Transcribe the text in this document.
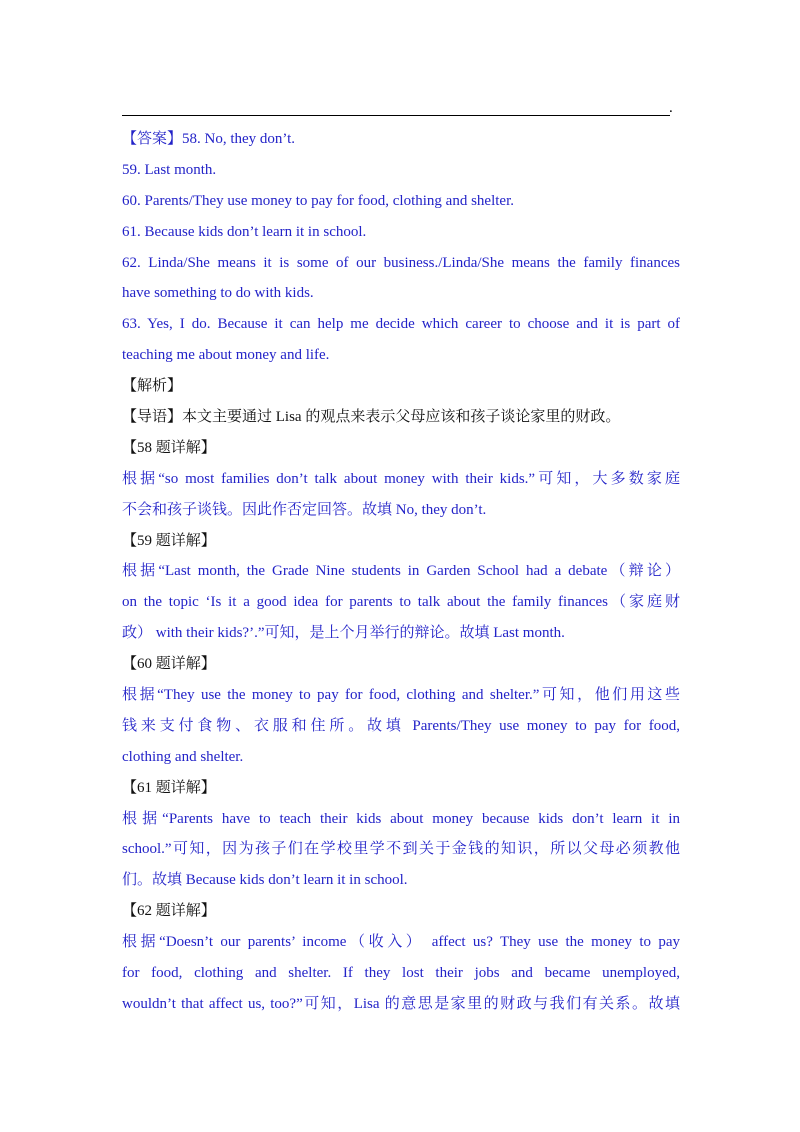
.
【答案】58. No, they don’t.
59. Last month.
60. Parents/They use money to pay for food, clothing and shelter.
61. Because kids don’t learn it in school.
62. Linda/She means it is some of our business./Linda/She means the family finances
have something to do with kids.
63. Yes, I do. Because it can help me decide which career to choose and it is part of
teaching me about money and life.
【解析】
【导语】本文主要通过 Lisa 的观点来表示父母应该和孩子谈论家里的财政。
【58 题详解】
根据“so most families don’t talk about money with their kids.”可知，大多数家庭
不会和孩子谈钱。因此作否定回答。故填 No, they don’t.
【59 题详解】
根据“Last month, the Grade Nine students in Garden School had a debate（辩论）
on the topic ‘Is it a good idea for parents to talk about the family finances（家庭财
政） with their kids?’.”可知，是上个月举行的辩论。故填 Last month.
【60 题详解】
根据“They use the money to pay for food, clothing and shelter.”可知，他们用这些
钱来支付食物、衣服和住所。故填 Parents/They use money to pay for food,
clothing and shelter.
【61 题详解】
根据“Parents have to teach their kids about money because kids don’t learn it in
school.”可知，因为孩子们在学校里学不到关于金钱的知识，所以父母必须教他
们。故填 Because kids don’t learn it in school.
【62 题详解】
根据“Doesn’t our parents’ income（收入） affect us? They use the money to pay
for food, clothing and shelter. If they lost their jobs and became unemployed,
wouldn’t that affect us, too?”可知，Lisa 的意思是家里的财政与我们有关系。故填
